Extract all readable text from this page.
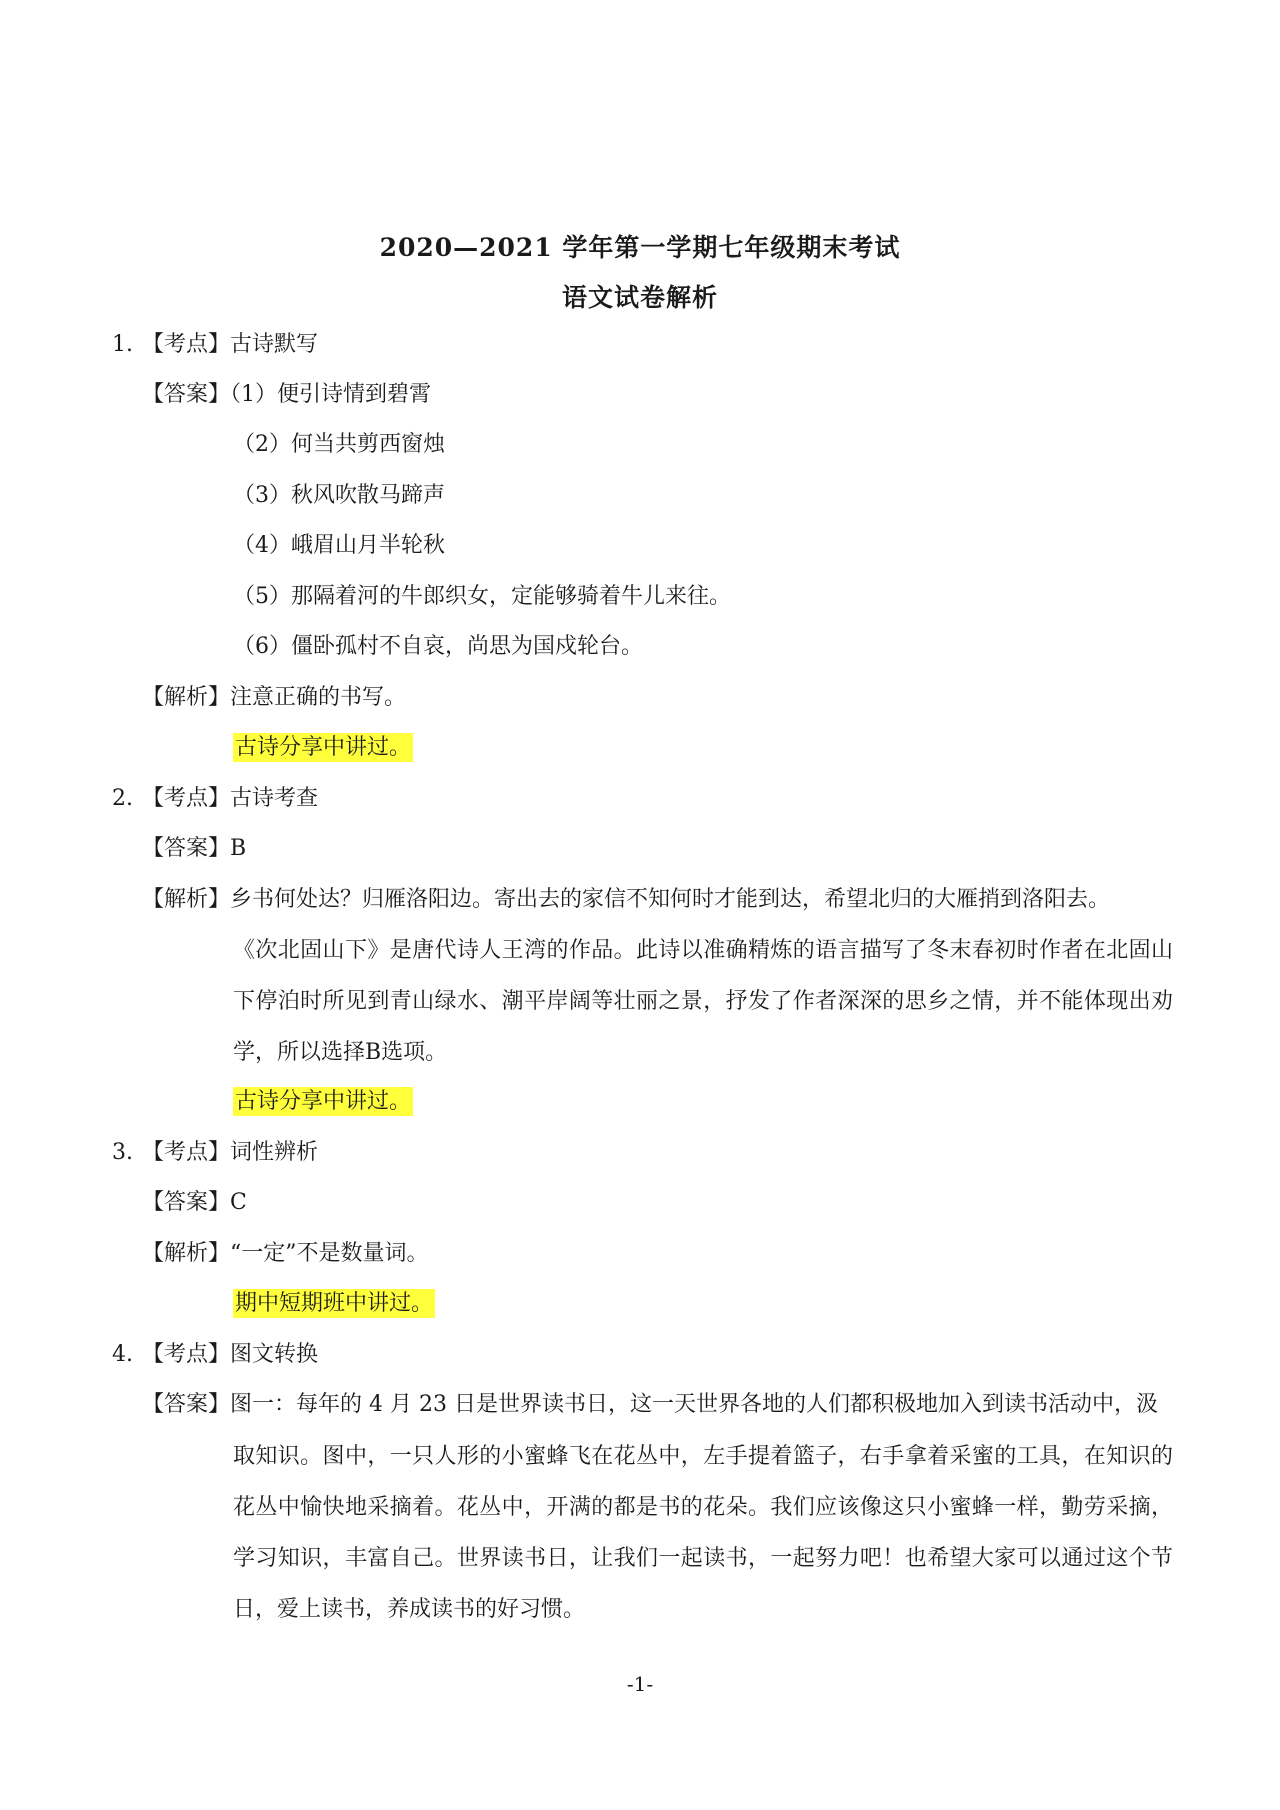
2020—2021 学年第一学期七年级期末考试
语文试卷解析
1. 【考点】古诗默写
【答案】（1）便引诗情到碧霄
（2）何当共剪西窗烛
（3）秋风吹散马蹄声
（4）峨眉山月半轮秋
（5）那隔着河的牛郎织女，定能够骑着牛儿来往。
（6）僵卧孤村不自哀，尚思为国戍轮台。
【解析】注意正确的书写。
古诗分享中讲过。
2. 【考点】古诗考查
【答案】B
【解析】乡书何处达？归雁洛阳边。寄出去的家信不知何时才能到达，希望北归的大雁捎到洛阳去。
《次北固山下》是唐代诗人王湾的作品。此诗以准确精炼的语言描写了冬末春初时作者在北固山下停泊时所见到青山绿水、潮平岸阔等壮丽之景，抒发了作者深深的思乡之情，并不能体现出劝学，所以选择B选项。
古诗分享中讲过。
3. 【考点】词性辨析
【答案】C
【解析】“一定”不是数量词。
期中短期班中讲过。
4. 【考点】图文转换
【答案】图一：每年的 4 月 23 日是世界读书日，这一天世界各地的人们都积极地加入到读书活动中，汲
取知识。图中，一只人形的小蜜蜂飞在花丛中，左手提着篮子，右手拿着采蜜的工具，在知识的花丛中愉快地采摘着。花丛中，开满的都是书的花朵。我们应该像这只小蜜蜂一样，勤劳采摘，学习知识，丰富自己。世界读书日，让我们一起读书，一起努力吧！也希望大家可以通过这个节日，爱上读书，养成读书的好习惯。
-1-
